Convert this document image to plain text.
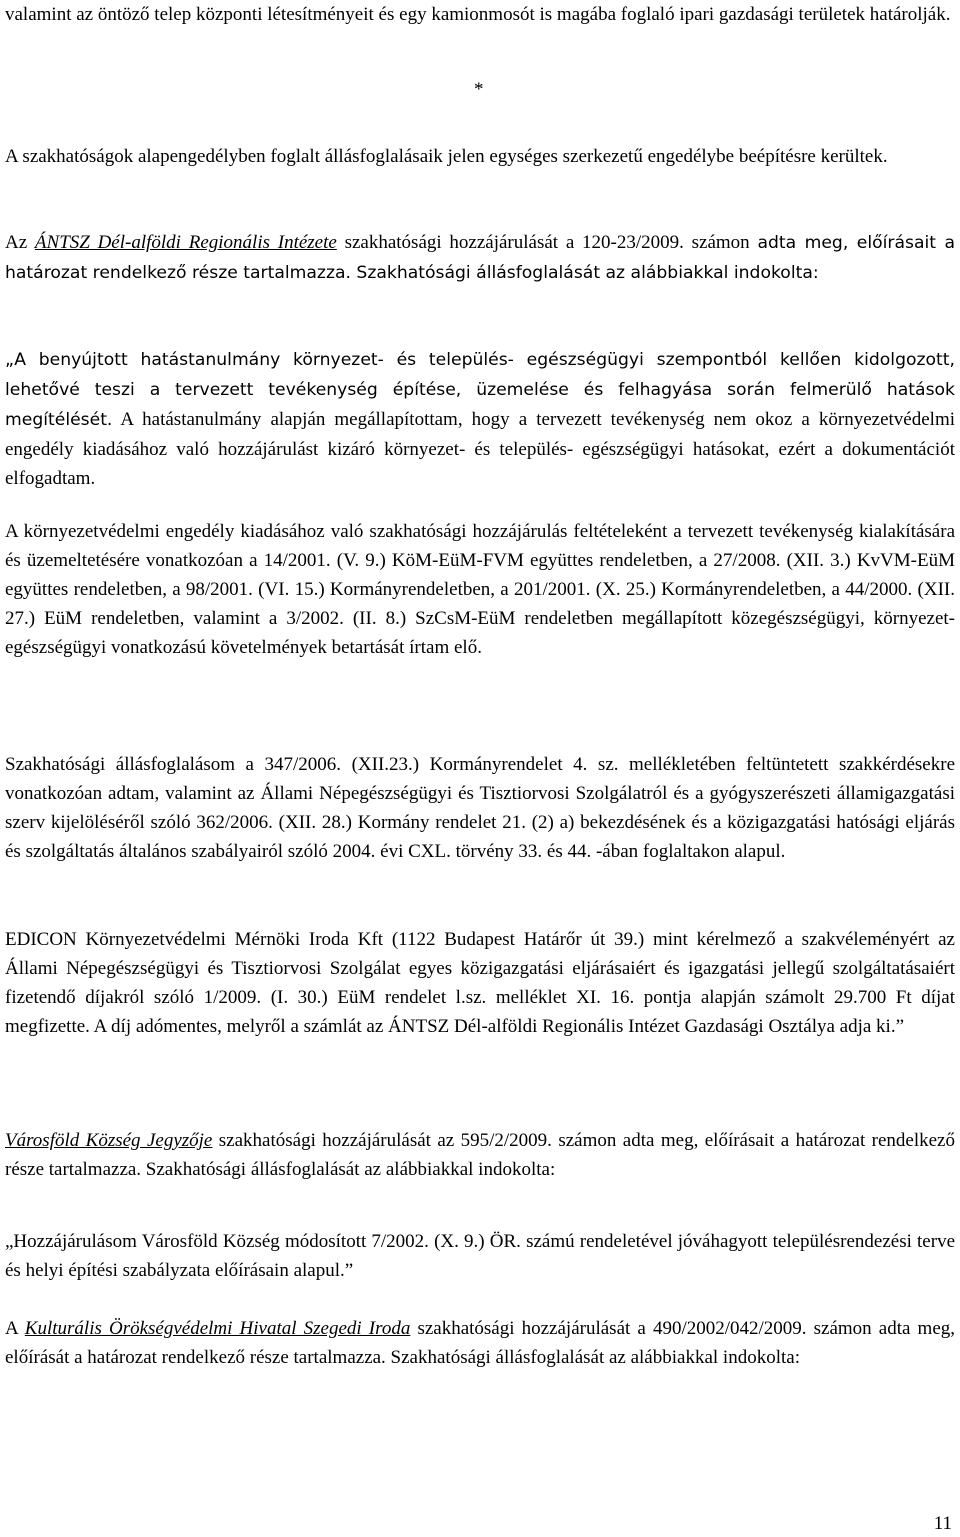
valamint az öntöző telep központi létesítményeit és egy kamionmosót is magába foglaló ipari gazdasági területek határolják.

*

A szakhatóságok alapengedélyben foglalt állásfoglalásaik jelen egységes szerkezetű engedélybe beépítésre kerültek.

Az ÁNTSZ Dél-alföldi Regionális Intézete szakhatósági hozzájárulását a 120-23/2009. számon adta meg, előírásait a határozat rendelkező része tartalmazza. Szakhatósági állásfoglalását az alábbiakkal indokolta:

„A benyújtott hatástanulmány környezet- és település- egészségügyi szempontból kellően kidolgozott, lehetővé teszi a tervezett tevékenység építése, üzemelése és felhagyása során felmerülő hatások megítélését. A hatástanulmány alapján megállapítottam, hogy a tervezett tevékenység nem okoz a környezetvédelmi engedély kiadásához való hozzájárulást kizáró környezet- és település- egészségügyi hatásokat, ezért a dokumentációt elfogadtam.

A környezetvédelmi engedély kiadásához való szakhatósági hozzájárulás feltételeként a tervezett tevékenység kialakítására és üzemeltetésére vonatkozóan a 14/2001. (V. 9.) KöM-EüM-FVM együttes rendeletben, a 27/2008. (XII. 3.) KvVM-EüM együttes rendeletben, a 98/2001. (VI. 15.) Kormányrendeletben, a 201/2001. (X. 25.) Kormányrendeletben, a 44/2000. (XII. 27.) EüM rendeletben, valamint a 3/2002. (II. 8.) SzCsM-EüM rendeletben megállapított közegészségügyi, környezet-egészségügyi vonatkozású követelmények betartását írtam elő.

Szakhatósági állásfoglalásom a 347/2006. (XII.23.) Kormányrendelet 4. sz. mellékletében feltüntetett szakkérdésekre vonatkozóan adtam, valamint az Állami Népegészségügyi és Tisztiorvosi Szolgálatról és a gyógyszerészeti államigazgatási szerv kijelöléséről szóló 362/2006. (XII. 28.) Kormány rendelet 21. (2) a) bekezdésének és a közigazgatási hatósági eljárás és szolgáltatás általános szabályairól szóló 2004. évi CXL. törvény 33. és 44. -ában foglaltakon alapul.

EDICON Környezetvédelmi Mérnöki Iroda Kft (1122 Budapest Határőr út 39.) mint kérelmező a szakvéleményért az Állami Népegészségügyi és Tisztiorvosi Szolgálat egyes közigazgatási eljárásaiért és igazgatási jellegű szolgáltatásaiért fizetendő díjakról szóló 1/2009. (I. 30.) EüM rendelet l.sz. melléklet XI. 16. pontja alapján számolt 29.700 Ft díjat megfizette. A díj adómentes, melyről a számlát az ÁNTSZ Dél-alföldi Regionális Intézet Gazdasági Osztálya adja ki.”

Városföld Község Jegyzője szakhatósági hozzájárulását az 595/2/2009. számon adta meg, előírásait a határozat rendelkező része tartalmazza. Szakhatósági állásfoglalását az alábbiakkal indokolta:

„Hozzájárulásom Városföld Község módosított 7/2002. (X. 9.) ÖR. számú rendeletével jóváhagyott településrendezési terve és helyi építési szabályzata előírásain alapul.”

A Kulturális Örökségvédelmi Hivatal Szegedi Iroda szakhatósági hozzájárulását a 490/2002/042/2009. számon adta meg, előírását a határozat rendelkező része tartalmazza. Szakhatósági állásfoglalását az alábbiakkal indokolta:

11
